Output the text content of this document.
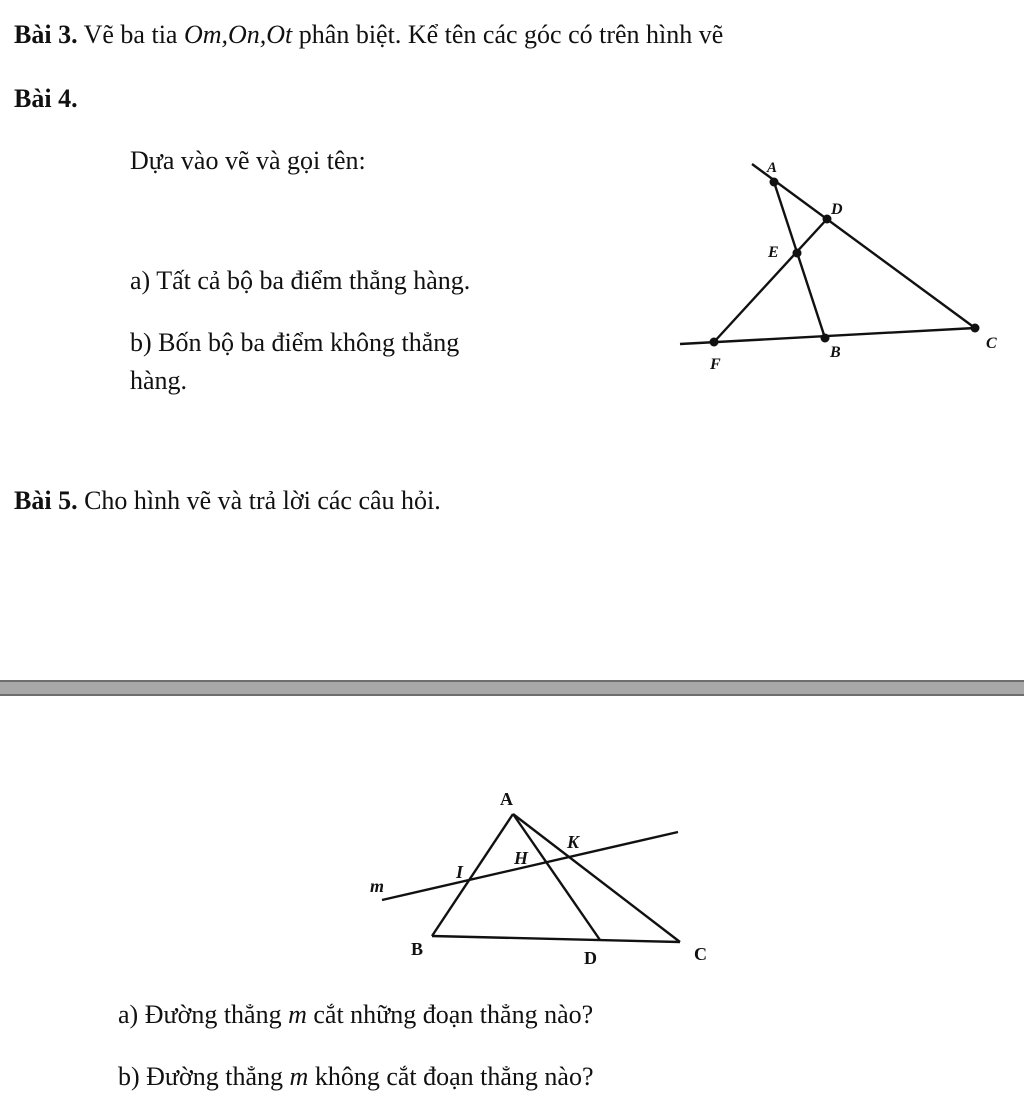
Bài 3. Vẽ ba tia Om,On,Ot phân biệt. Kể tên các góc có trên hình vẽ
Bài 4.
Dựa vào vẽ và gọi tên:
a) Tất cả bộ ba điểm thẳng hàng.
b) Bốn bộ ba điểm không thẳng
hàng.
A
D
E
F
B
C
Bài 5. Cho hình vẽ và trả lời các câu hỏi.
A
K
H
I
m
B	D	C
a) Đường thẳng m cắt những đoạn thẳng nào?
b) Đường thẳng m không cắt đoạn thẳng nào?
